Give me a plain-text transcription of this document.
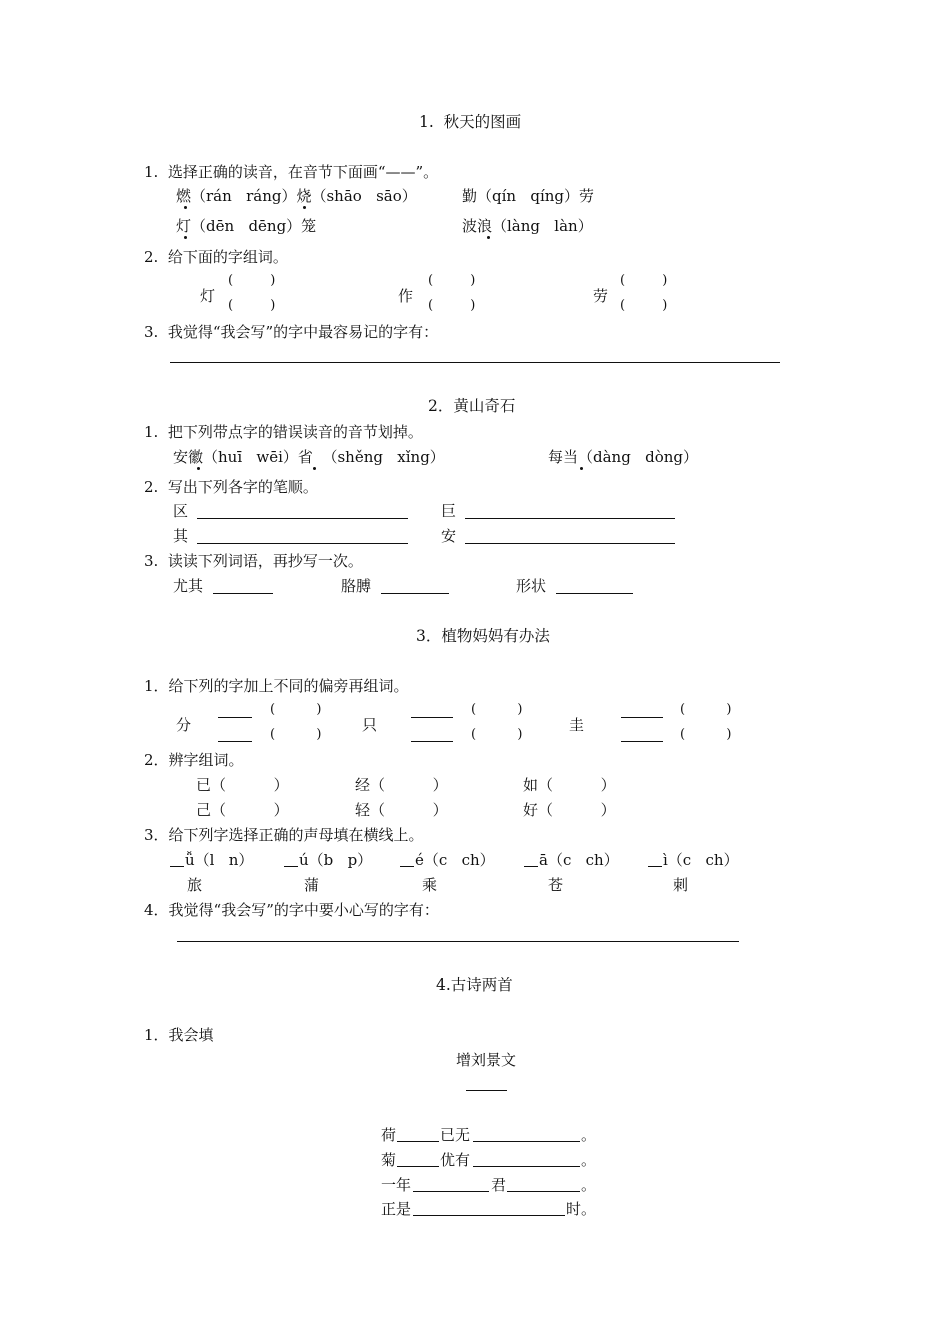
1.  秋天的图画
1.  选择正确的读音，在音节下面画“——”。
燃（rán   ráng）烧（shāo   sāo）	勤（qín   qíng）劳
灯（dēn   dēng）笼	波浪（làng   làn）
2.  给下面的字组词。
灯
(         )
(         )
作
(         )
(         )
劳
(         )
(         )
3.  我觉得“我会写”的字中最容易记的字有：
2．黄山奇石
1.  把下列带点字的错误读音的音节划掉。
安徽（huī   wēi）省  （shěng   xǐng）	每当（dàng   dòng）
2.  写出下列各字的笔顺。
区	巨
其	安
3.  读读下列词语，再抄写一次。
尤其	胳膊	形状
3．植物妈妈有办法
1．给下列的字加上不同的偏旁再组词。
分
(          )
(          )
只
(          )
(          )
圭
(          )
(          )
2．辨字组词。
已（          ）	经（          ）	如（          ）
己（          ）	轻（          ）	好（          ）
3．给下列字选择正确的声母填在横线上。
ǚ（l   n）	ú（b   p）	é（c   ch）	ā（c   ch）	ì（c   ch）
旅	蒲	乘	苍	刺
4．我觉得“我会写”的字中要小心写的字有：
4.古诗两首
1．我会填
增刘景文
荷	已无	。
菊	优有	。
一年	君	。
正是	时。
